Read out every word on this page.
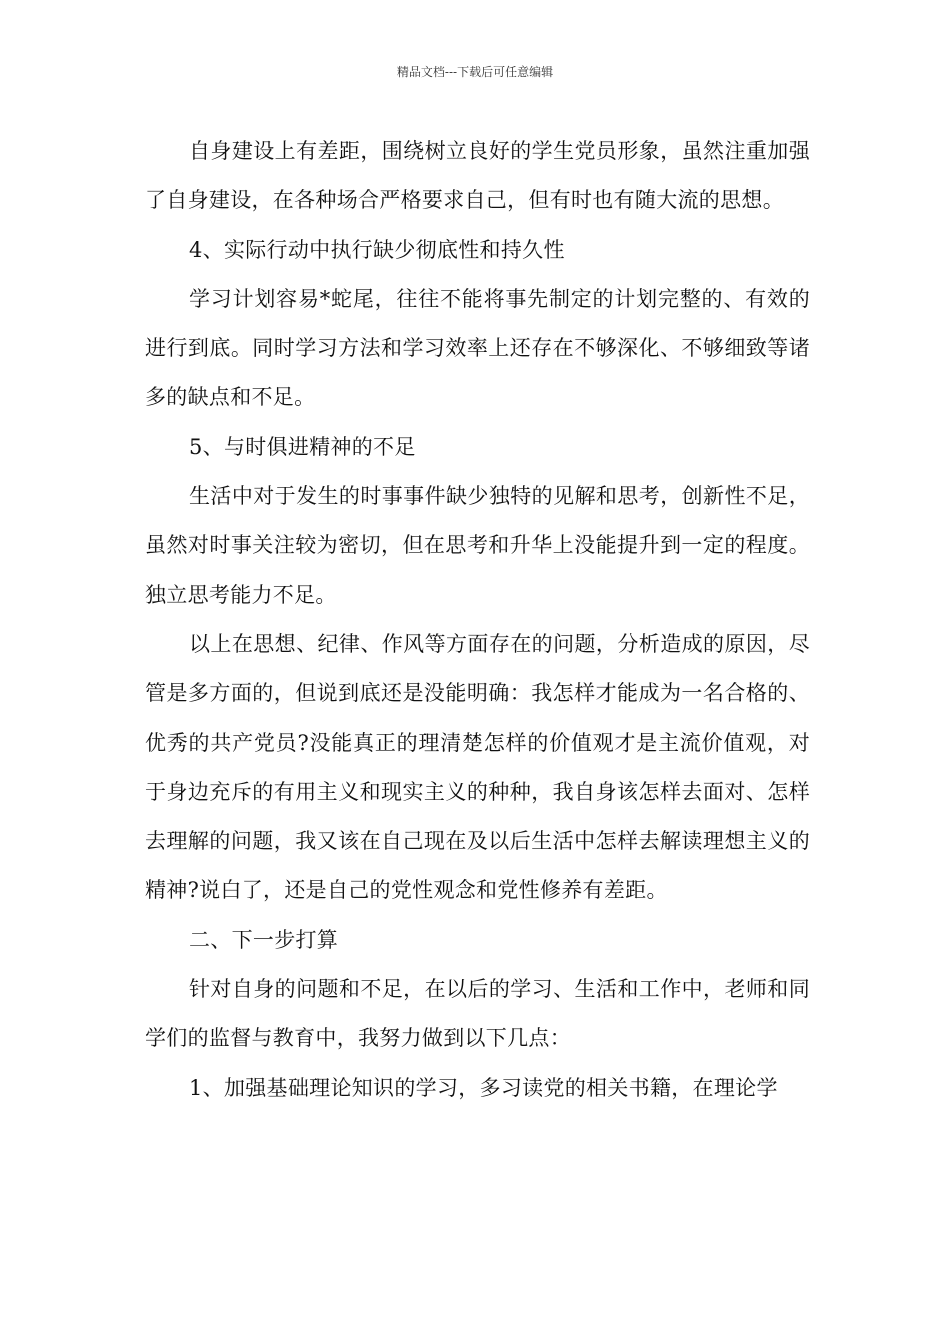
精品文档---下载后可任意编辑

自身建设上有差距，围绕树立良好的学生党员形象，虽然注重加强了自身建设，在各种场合严格要求自己，但有时也有随大流的思想。

4、实际行动中执行缺少彻底性和持久性

学习计划容易*蛇尾，往往不能将事先制定的计划完整的、有效的进行到底。同时学习方法和学习效率上还存在不够深化、不够细致等诸多的缺点和不足。

5、与时俱进精神的不足

生活中对于发生的时事事件缺少独特的见解和思考，创新性不足，虽然对时事关注较为密切，但在思考和升华上没能提升到一定的程度。独立思考能力不足。

以上在思想、纪律、作风等方面存在的问题，分析造成的原因，尽管是多方面的，但说到底还是没能明确：我怎样才能成为一名合格的、优秀的共产党员?没能真正的理清楚怎样的价值观才是主流价值观，对于身边充斥的有用主义和现实主义的种种，我自身该怎样去面对、怎样去理解的问题，我又该在自己现在及以后生活中怎样去解读理想主义的精神?说白了，还是自己的党性观念和党性修养有差距。

二、下一步打算

针对自身的问题和不足，在以后的学习、生活和工作中，老师和同学们的监督与教育中，我努力做到以下几点：

1、加强基础理论知识的学习，多习读党的相关书籍，在理论学
